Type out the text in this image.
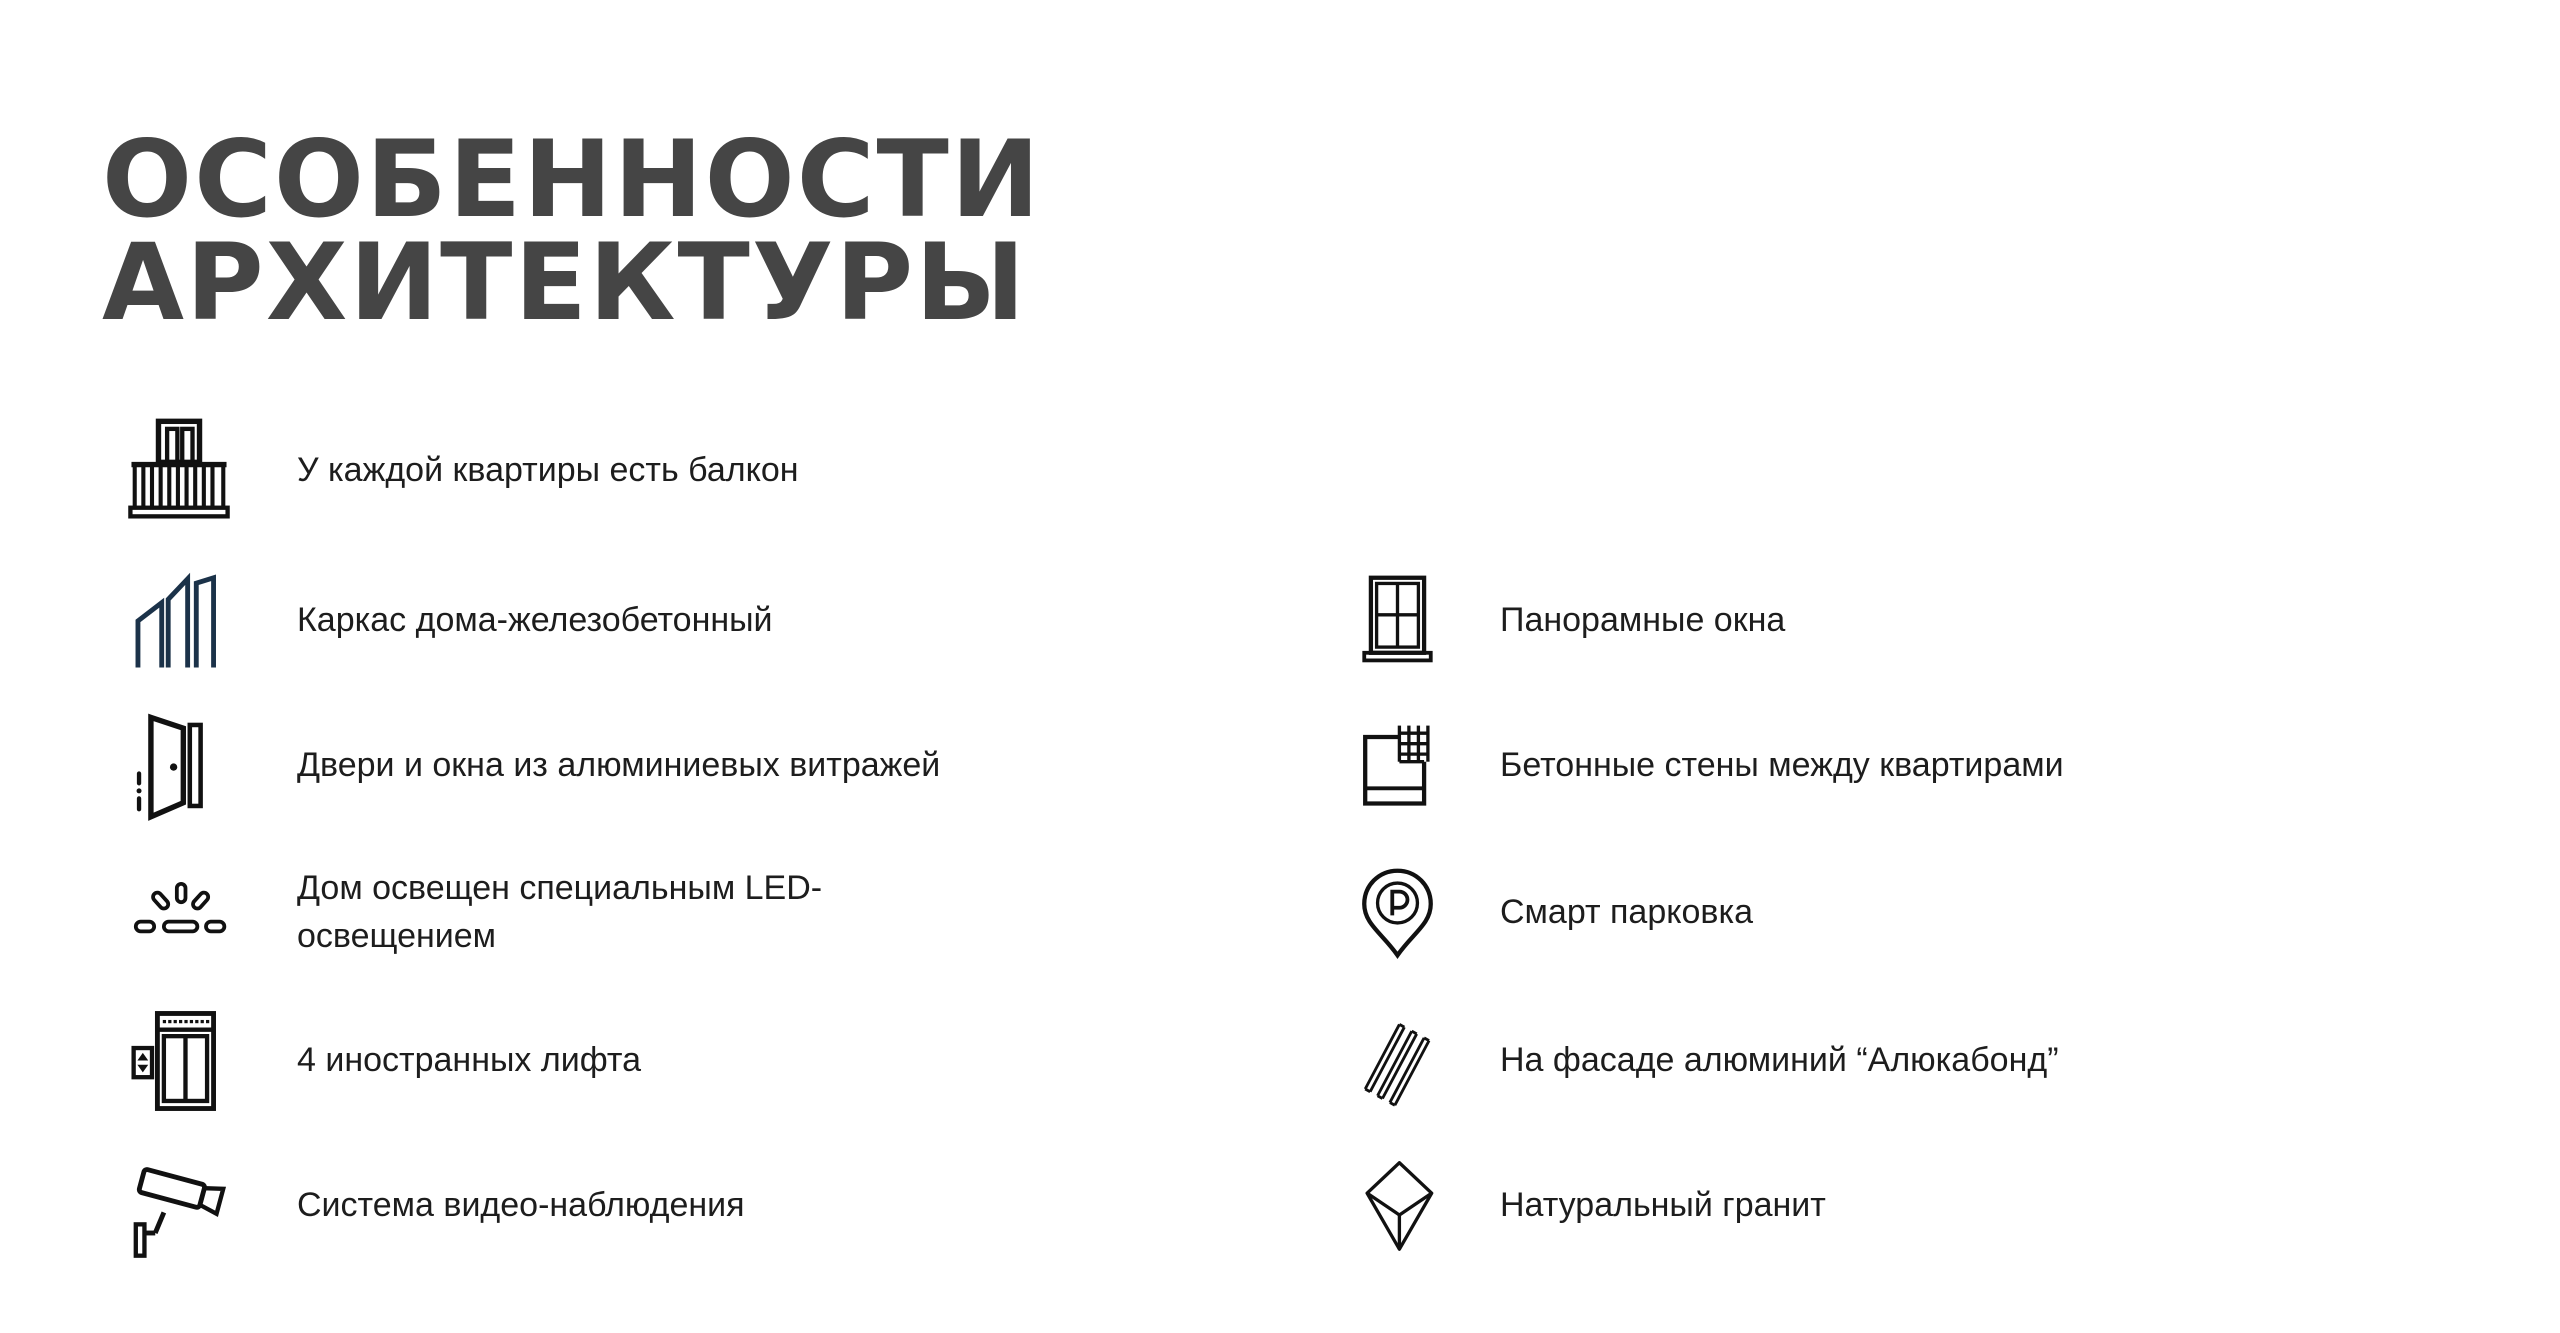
ОСОБЕННОСТИ
АРХИТЕКТУРЫ
У каждой квартиры есть балкон
Каркас дома-железобетонный
Двери и окна из алюминиевых витражей
Дом освещен специальным LED-освещением
4 иностранных лифта
Система видео-наблюдения
Панорамные окна
Бетонные стены между квартирами
Смарт парковка
На фасаде алюминий “Алюкабонд”
Натуральный гранит
